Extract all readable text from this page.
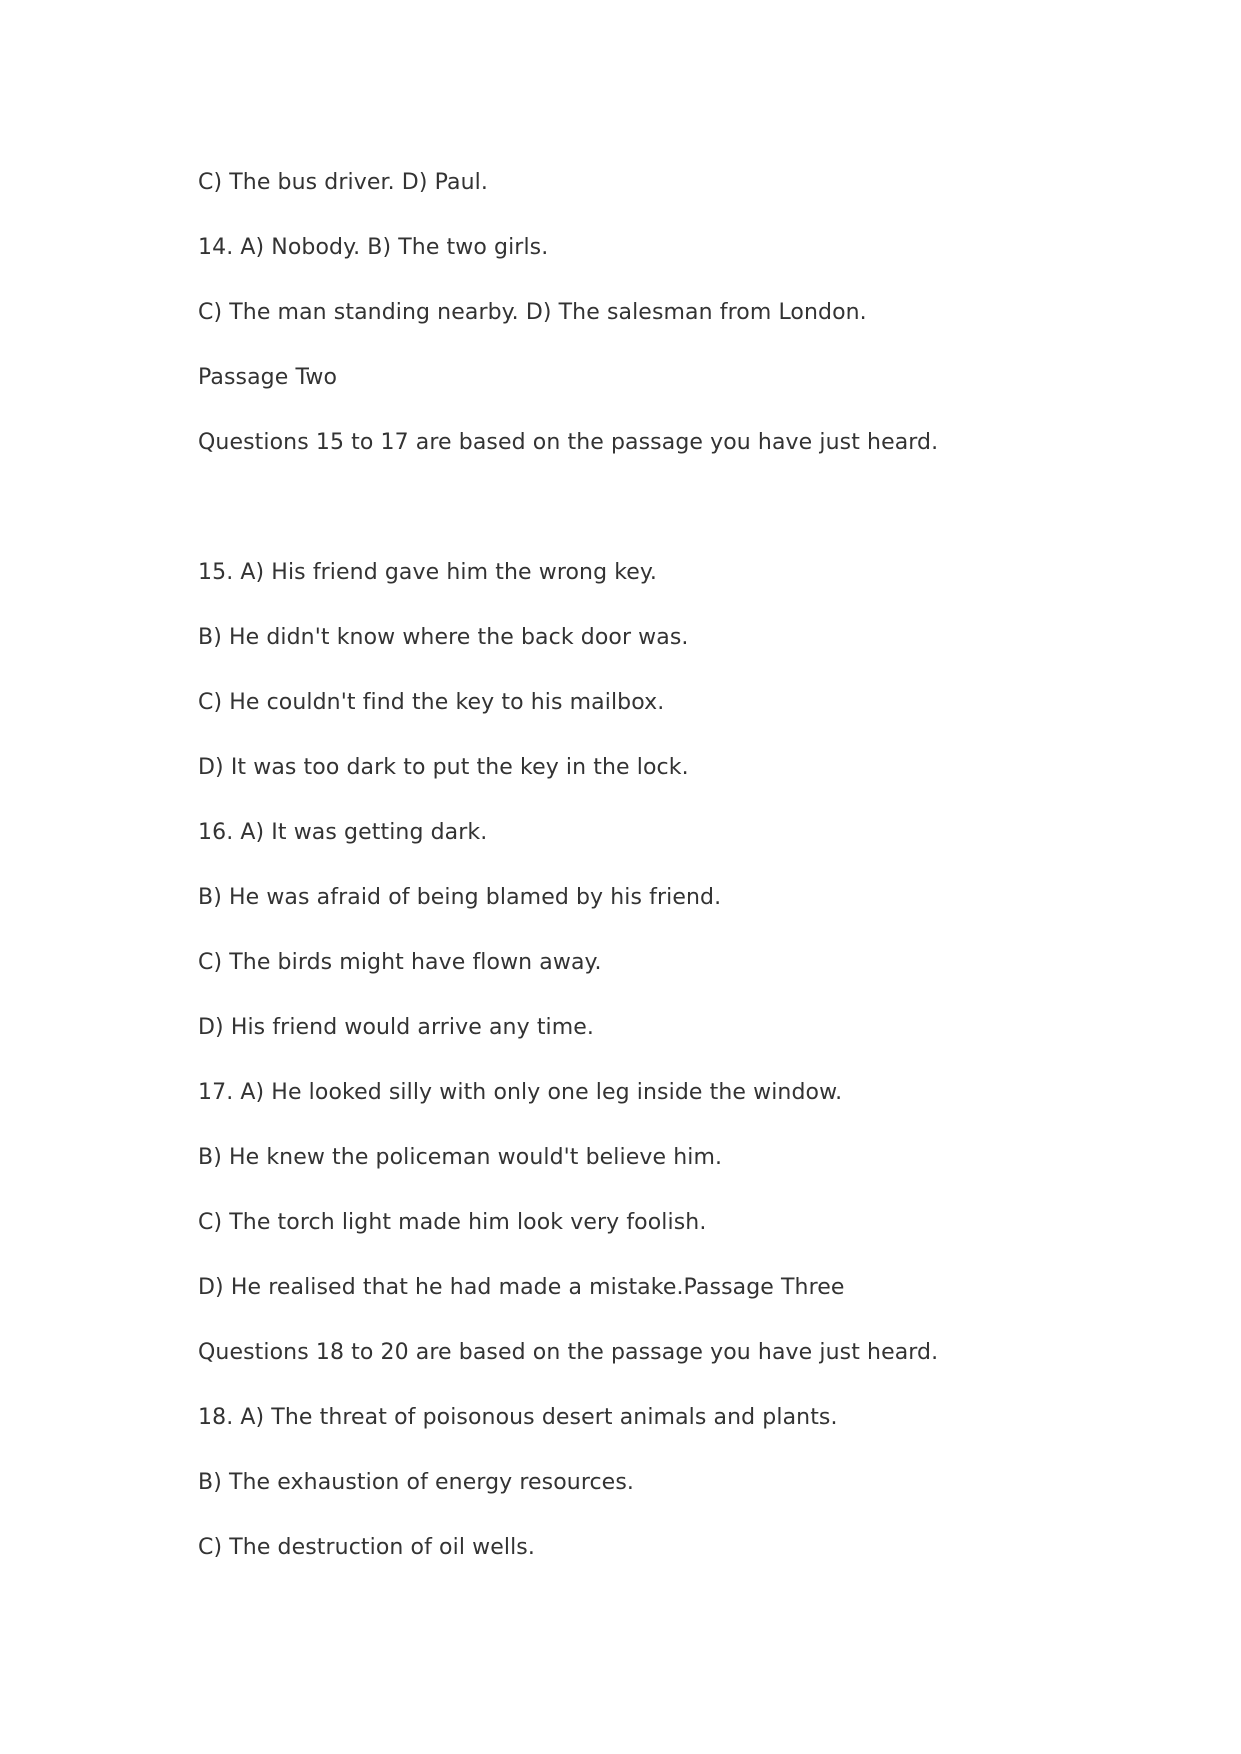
C) The bus driver. D) Paul.

14. A) Nobody. B) The two girls.

C) The man standing nearby. D) The salesman from London.

Passage Two

Questions 15 to 17 are based on the passage you have just heard.

15. A) His friend gave him the wrong key.

B) He didn't know where the back door was.

C) He couldn't find the key to his mailbox.

D) It was too dark to put the key in the lock.

16. A) It was getting dark.

B) He was afraid of being blamed by his friend.

C) The birds might have flown away.

D) His friend would arrive any time.

17. A) He looked silly with only one leg inside the window.

B) He knew the policeman would't believe him.

C) The torch light made him look very foolish.

D) He realised that he had made a mistake.Passage Three

Questions 18 to 20 are based on the passage you have just heard.

18. A) The threat of poisonous desert animals and plants.

B) The exhaustion of energy resources.

C) The destruction of oil wells.
